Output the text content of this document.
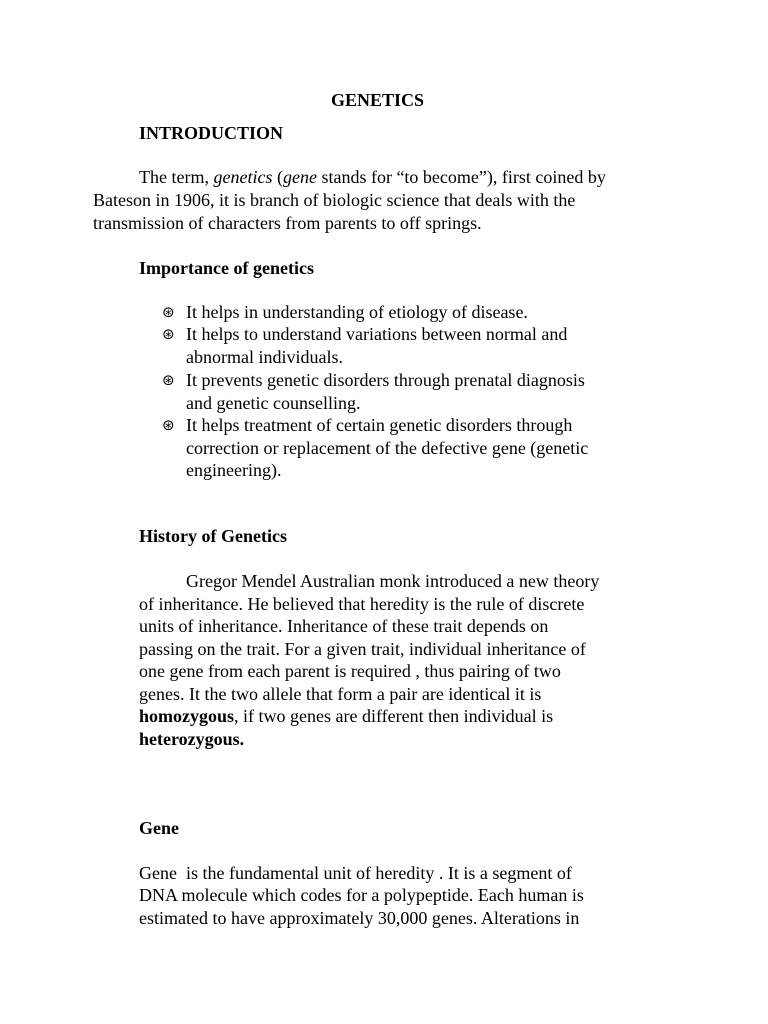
GENETICS
INTRODUCTION
The term, genetics (gene stands for “to become”), first coined by
Bateson in 1906, it is branch of biologic science that deals with the
transmission of characters from parents to off springs.
Importance of genetics
⊛ It helps in understanding of etiology of disease.
⊛ It helps to understand variations between normal and
abnormal individuals.
⊛ It prevents genetic disorders through prenatal diagnosis
and genetic counselling.
⊛ It helps treatment of certain genetic disorders through
correction or replacement of the defective gene (genetic
engineering).
History of Genetics
Gregor Mendel Australian monk introduced a new theory
of inheritance. He believed that heredity is the rule of discrete
units of inheritance. Inheritance of these trait depends on
passing on the trait. For a given trait, individual inheritance of
one gene from each parent is required , thus pairing of two
genes. It the two allele that form a pair are identical it is
homozygous, if two genes are different then individual is
heterozygous.
Gene
Gene  is the fundamental unit of heredity . It is a segment of
DNA molecule which codes for a polypeptide. Each human is
estimated to have approximately 30,000 genes. Alterations in
